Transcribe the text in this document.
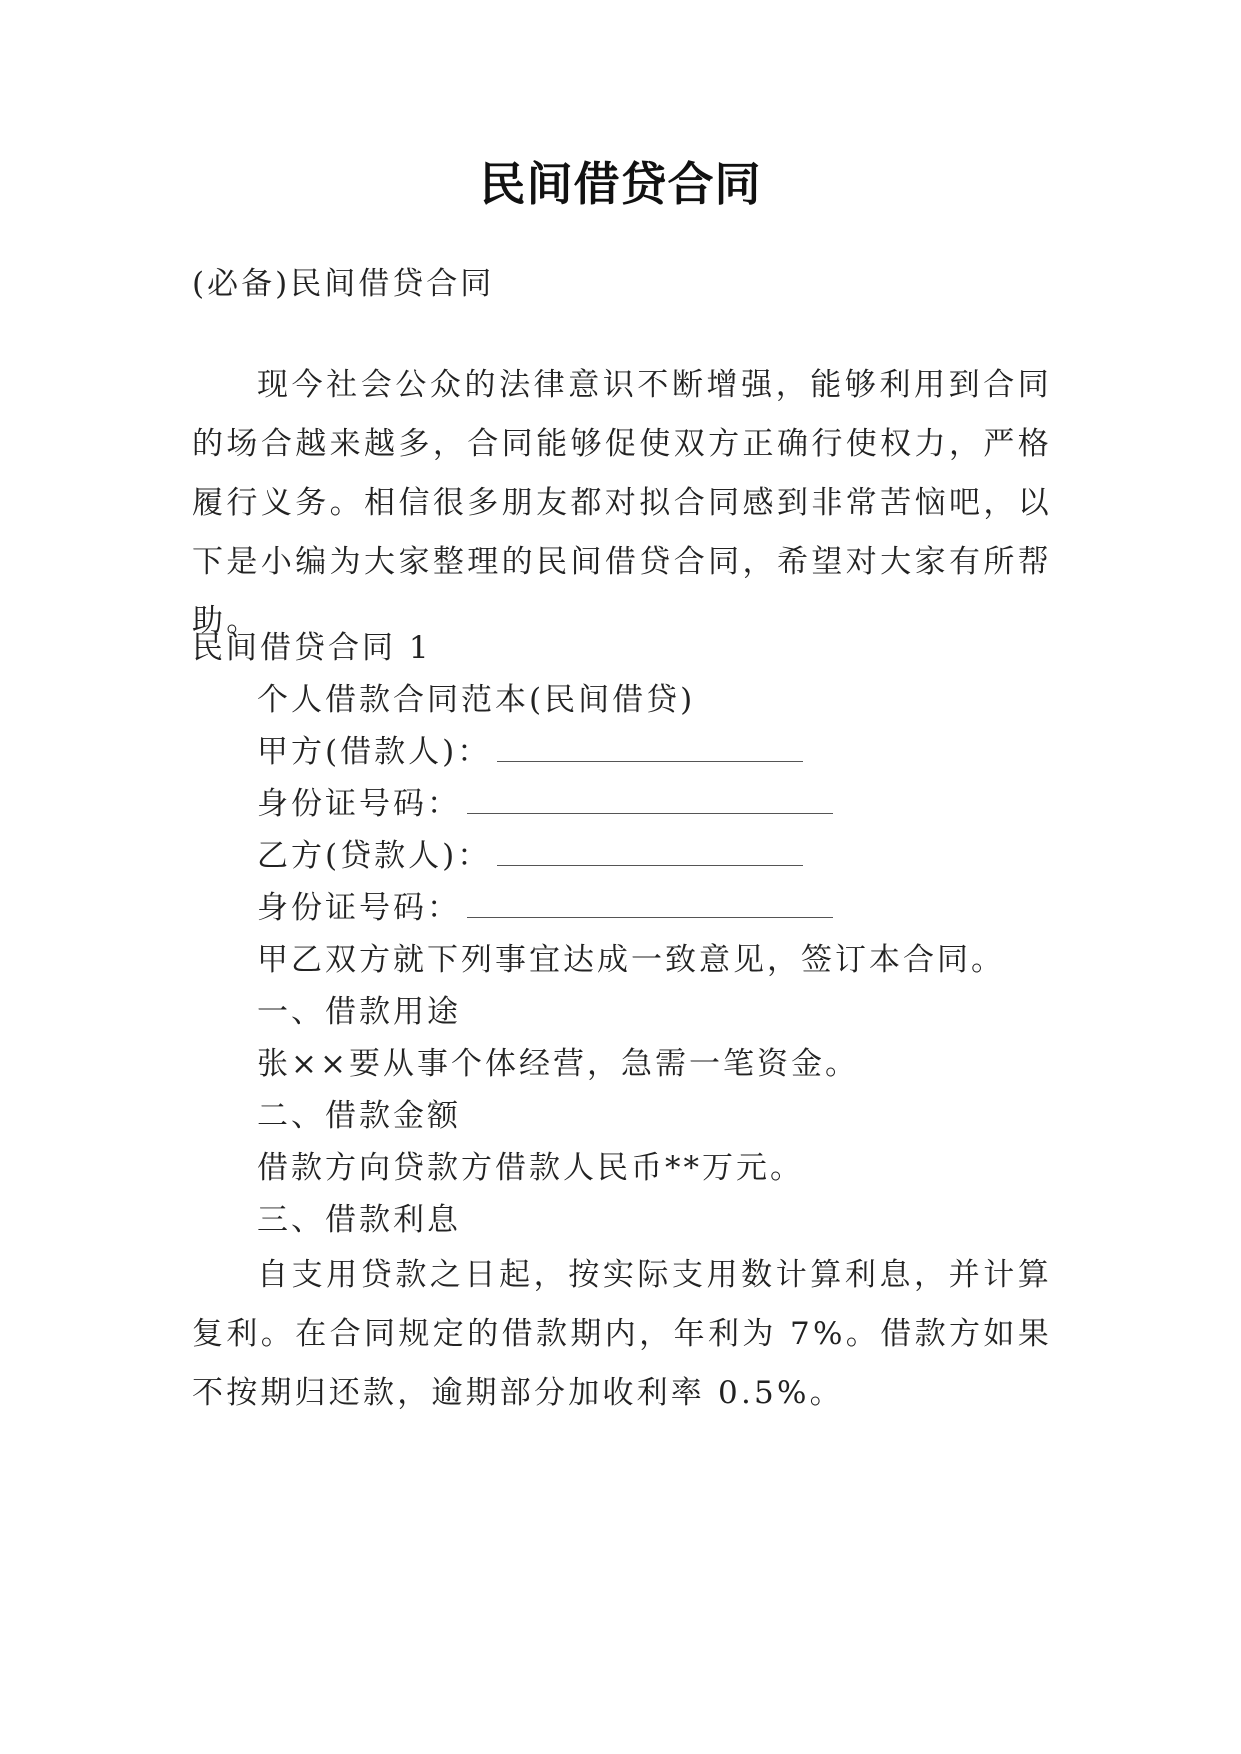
民间借贷合同
(必备)民间借贷合同
现今社会公众的法律意识不断增强，能够利用到合同的场合越来越多，合同能够促使双方正确行使权力，严格履行义务。相信很多朋友都对拟合同感到非常苦恼吧，以下是小编为大家整理的民间借贷合同，希望对大家有所帮助。
民间借贷合同 1
个人借款合同范本(民间借贷)
甲方(借款人)：
身份证号码：
乙方(贷款人)：
身份证号码：
甲乙双方就下列事宜达成一致意见，签订本合同。
一、借款用途
张××要从事个体经营，急需一笔资金。
二、借款金额
借款方向贷款方借款人民币**万元。
三、借款利息
自支用贷款之日起，按实际支用数计算利息，并计算复利。在合同规定的借款期内，年利为 7%。借款方如果不按期归还款，逾期部分加收利率 0.5%。
